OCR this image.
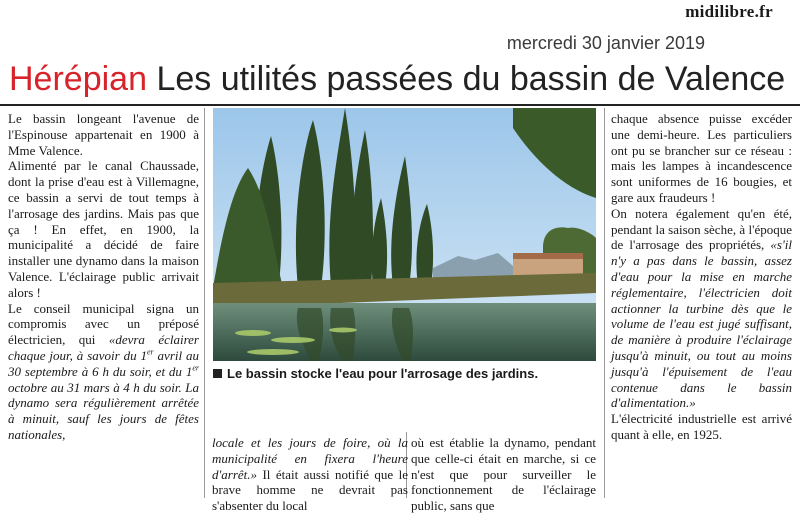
midilibre.fr
mercredi 30 janvier 2019
Hérépian Les utilités passées du bassin de Valence

Le bassin longeant l'avenue de l'Espinouse appartenait en 1900 à Mme Valence.

Alimenté par le canal Chaussade, dont la prise d'eau est à Villemagne, ce bassin a servi de tout temps à l'arrosage des jardins. Mais pas que ça ! En effet, en 1900, la municipalité a décidé de faire installer une dynamo dans la maison Valence. L'éclairage public arrivait alors !

Le conseil municipal signa un compromis avec un préposé électricien, qui «devra éclairer chaque jour, à savoir du 1er avril au 30 septembre à 6 h du soir, et du 1er octobre au 31 mars à 4 h du soir. La dynamo sera régulièrement arrêtée à minuit, sauf les jours de fêtes nationales,

Le bassin stocke l'eau pour l'arrosage des jardins.

locale et les jours de foire, où la municipalité en fixera l'heure d'arrêt.» Il était aussi notifié que le brave homme ne devrait pas s'absenter du local

où est établie la dynamo, pendant que celle-ci était en marche, si ce n'est que pour surveiller le fonctionnement de l'éclairage public, sans que

chaque absence puisse excéder une demi-heure. Les particuliers ont pu se brancher sur ce réseau : mais les lampes à incandescence sont uniformes de 16 bougies, et gare aux fraudeurs !

On notera également qu'en été, pendant la saison sèche, à l'époque de l'arrosage des propriétés, «s'il n'y a pas dans le bassin, assez d'eau pour la mise en marche réglementaire, l'électricien doit actionner la turbine dès que le volume de l'eau est jugé suffisant, de manière à produire l'éclairage jusqu'à minuit, ou tout au moins jusqu'à l'épuisement de l'eau contenue dans le bassin d'alimentation.»

L'électricité industrielle est arrivé quant à elle, en 1925.
